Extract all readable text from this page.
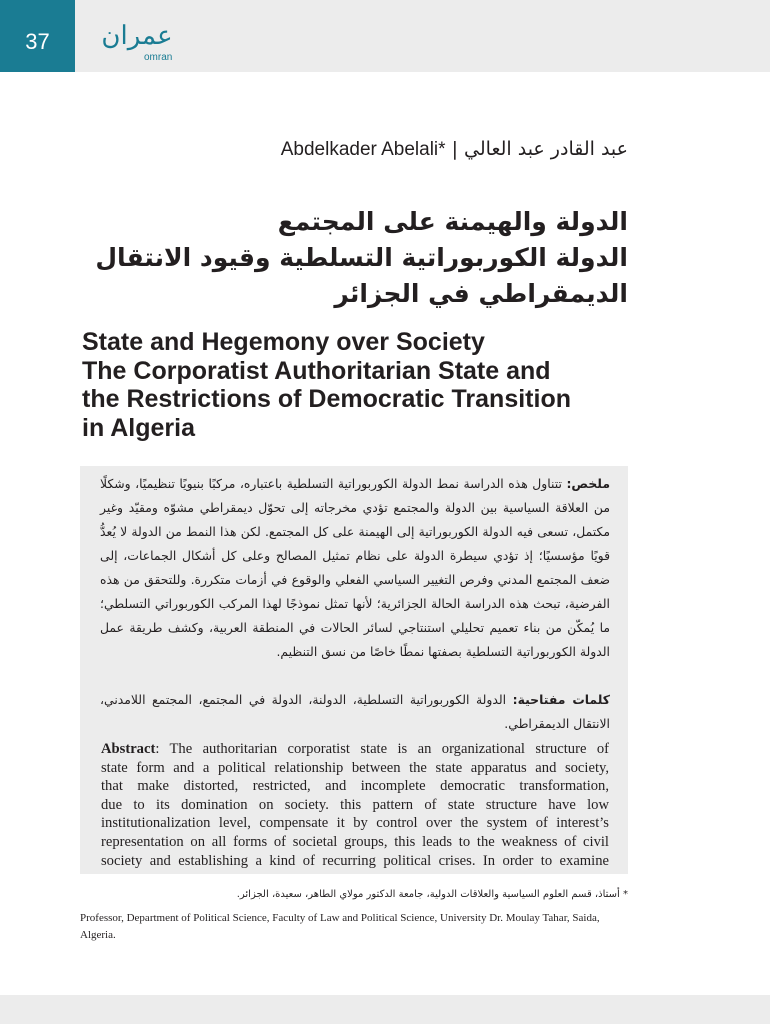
37	عمران
omran
عبد القادر عبد العالي | Abdelkader Abelali*
الدولة والهيمنة على المجتمع
الدولة الكوربوراتية التسلطية وقيود الانتقال
الديمقراطي في الجزائر
State and Hegemony over Society
The Corporatist Authoritarian State and
the Restrictions of Democratic Transition
in Algeria
ملخص: تتناول هذه الدراسة نمط الدولة الكوربوراتية التسلطية باعتباره، مركبًا بنيويًا تنظيميًا، وشكلًا من العلاقة السياسية بين الدولة والمجتمع تؤدي مخرجاته إلى تحوّل ديمقراطي مشوّه ومقيّد وغير مكتمل، تسعى فيه الدولة الكوربوراتية إلى الهيمنة على كل المجتمع. لكن هذا النمط من الدولة لا يُعدُّ قويًا مؤسسيًا؛ إذ تؤدي سيطرة الدولة على نظام تمثيل المصالح وعلى كل أشكال الجماعات، إلى ضعف المجتمع المدني وفرص التغيير السياسي الفعلي والوقوع في أزمات متكررة. وللتحقق من هذه الفرضية، تبحث هذه الدراسة الحالة الجزائرية؛ لأنها تمثل نموذجًا لهذا المركب الكوربوراتي التسلطي؛ ما يُمكّن من بناء تعميم تحليلي استنتاجي لسائر الحالات في المنطقة العربية، وكشف طريقة عمل الدولة الكوربوراتية التسلطية بصفتها نمطًا خاصًا من نسق التنظيم.
كلمات مفتاحية: الدولة الكوربوراتية التسلطية، الدولنة، الدولة في المجتمع، المجتمع اللامدني، الانتقال الديمقراطي.
Abstract: The authoritarian corporatist state is an organizational structure of
state form and a political relationship between the state apparatus and society,
that make distorted, restricted, and incomplete democratic transformation,
due to its domination on society. this pattern of state structure have low
institutionalization level, compensate it by control over the system of interest’s
representation on all forms of societal groups, this leads to the weakness of civil
society and establishing a kind of recurring political crises. In order to examine
* أستاذ، قسم العلوم السياسية والعلاقات الدولية، جامعة الدكتور مولاي الطاهر، سعيدة، الجزائر.
Professor, Department of Political Science, Faculty of Law and Political Science, University Dr. Moulay Tahar, Saida, Algeria.
